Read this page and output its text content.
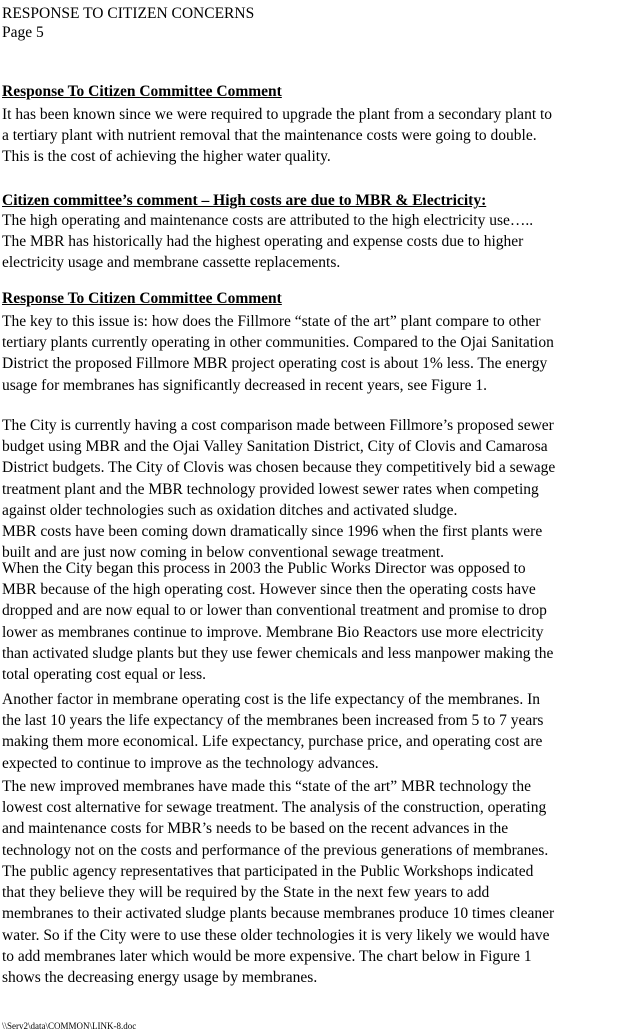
RESPONSE TO CITIZEN CONCERNS
Page 5
Response To Citizen Committee Comment
It has been known since we were required to upgrade the plant from a secondary plant to
a tertiary plant with nutrient removal that the maintenance costs were going to double.
This is the cost of achieving the higher water quality.
Citizen committee’s comment – High costs are due to MBR & Electricity:
The high operating and maintenance costs are attributed to the high electricity use…..
The MBR has historically had the highest operating and expense costs due to higher
electricity usage and membrane cassette replacements.
Response To Citizen Committee Comment
The key to this issue is: how does the Fillmore “state of the art” plant compare to other
tertiary plants currently operating in other communities. Compared to the Ojai Sanitation
District the proposed Fillmore MBR project operating cost is about 1% less. The energy
usage for membranes has significantly decreased in recent years, see Figure 1.
The City is currently having a cost comparison made between Fillmore’s proposed sewer
budget using MBR and the Ojai Valley Sanitation District, City of Clovis and Camarosa
District budgets. The City of Clovis was chosen because they competitively bid a sewage
treatment plant and the MBR technology provided lowest sewer rates when competing
against older technologies such as oxidation ditches and activated sludge.
MBR costs have been coming down dramatically since 1996 when the first plants were
built and are just now coming in below conventional sewage treatment.
When the City began this process in 2003 the Public Works Director was opposed to
MBR because of the high operating cost. However since then the operating costs have
dropped and are now equal to or lower than conventional treatment and promise to drop
lower as membranes continue to improve. Membrane Bio Reactors use more electricity
than activated sludge plants but they use fewer chemicals and less manpower making the
total operating cost equal or less.
Another factor in membrane operating cost is the life expectancy of the membranes. In
the last 10 years the life expectancy of the membranes been increased from 5 to 7 years
making them more economical. Life expectancy, purchase price, and operating cost are
expected to continue to improve as the technology advances.
The new improved membranes have made this “state of the art” MBR technology the
lowest cost alternative for sewage treatment. The analysis of the construction, operating
and maintenance costs for MBR’s needs to be based on the recent advances in the
technology not on the costs and performance of the previous generations of membranes.
The public agency representatives that participated in the Public Workshops indicated
that they believe they will be required by the State in the next few years to add
membranes to their activated sludge plants because membranes produce 10 times cleaner
water. So if the City were to use these older technologies it is very likely we would have
to add membranes later which would be more expensive. The chart below in Figure 1
shows the decreasing energy usage by membranes.
\\Serv2\data\COMMON\LINK-8.doc
